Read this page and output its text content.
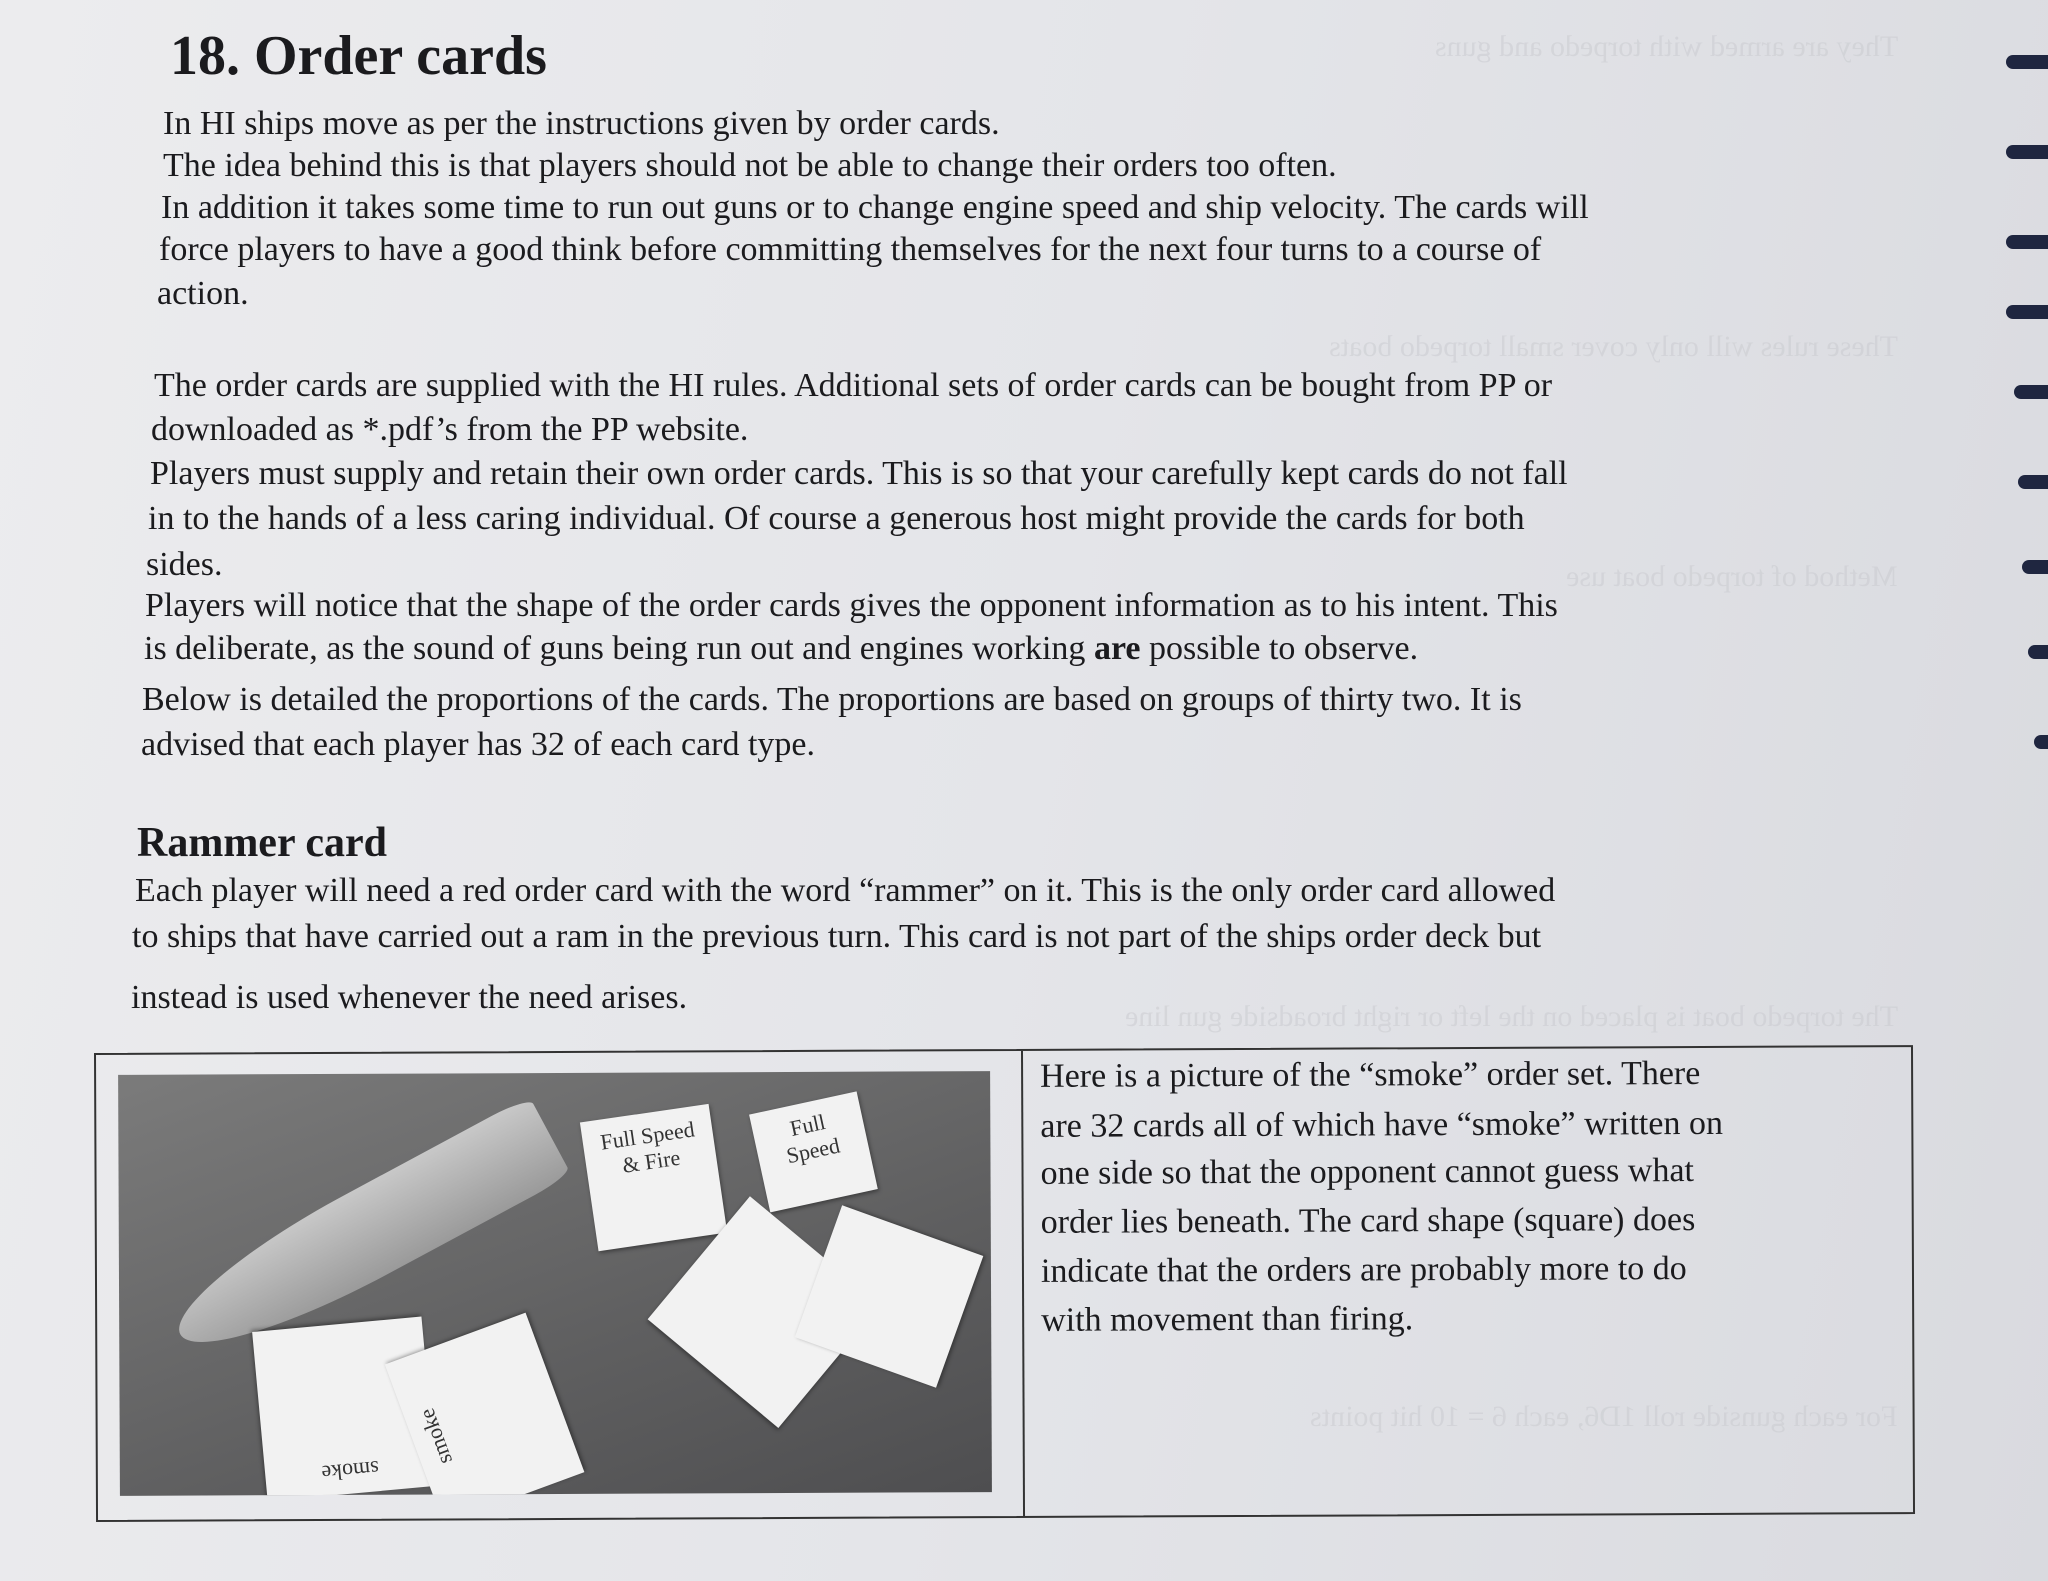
They are armed with torpedo and guns
These rules will only cover small torpedo boats
Method of torpedo boat use
The torpedo boat is placed on the left or right broadside gun line
For each gunside roll 1D6, each 6 = 10 hit points
18. Order cards
In HI ships move as per the instructions given by order cards.
The idea behind this is that players should not be able to change their orders too often.
In addition it takes some time to run out guns or to change engine speed and ship velocity. The cards will
force players to have a good think before committing themselves for the next four turns to a course of
action.
The order cards are supplied with the HI rules. Additional sets of order cards can be bought from PP or
downloaded as *.pdf’s from the PP website.
Players must supply and retain their own order cards. This is so that your carefully kept cards do not fall
in to the hands of a less caring individual. Of course a generous host might provide the cards for both
sides.
Players will notice that the shape of the order cards gives the opponent information as to his intent. This
is deliberate, as the sound of guns being run out and engines working are possible to observe.
Below is detailed the proportions of the cards. The proportions are based on groups of thirty two. It is
advised that each player has 32 of each card type.
Rammer card
Each player will need a red order card with the word “rammer” on it. This is the only order card allowed
to ships that have carried out a ram in the previous turn. This card is not part of the ships order deck but
instead is used whenever the need arises.
Full Speed & Fire
Full Speed
smoke
smoke
Here is a picture of the “smoke” order set. There
are 32 cards all of which have “smoke” written on
one side so that the opponent cannot guess what
order lies beneath. The card shape (square) does
indicate that the orders are probably more to do
with movement than firing.
